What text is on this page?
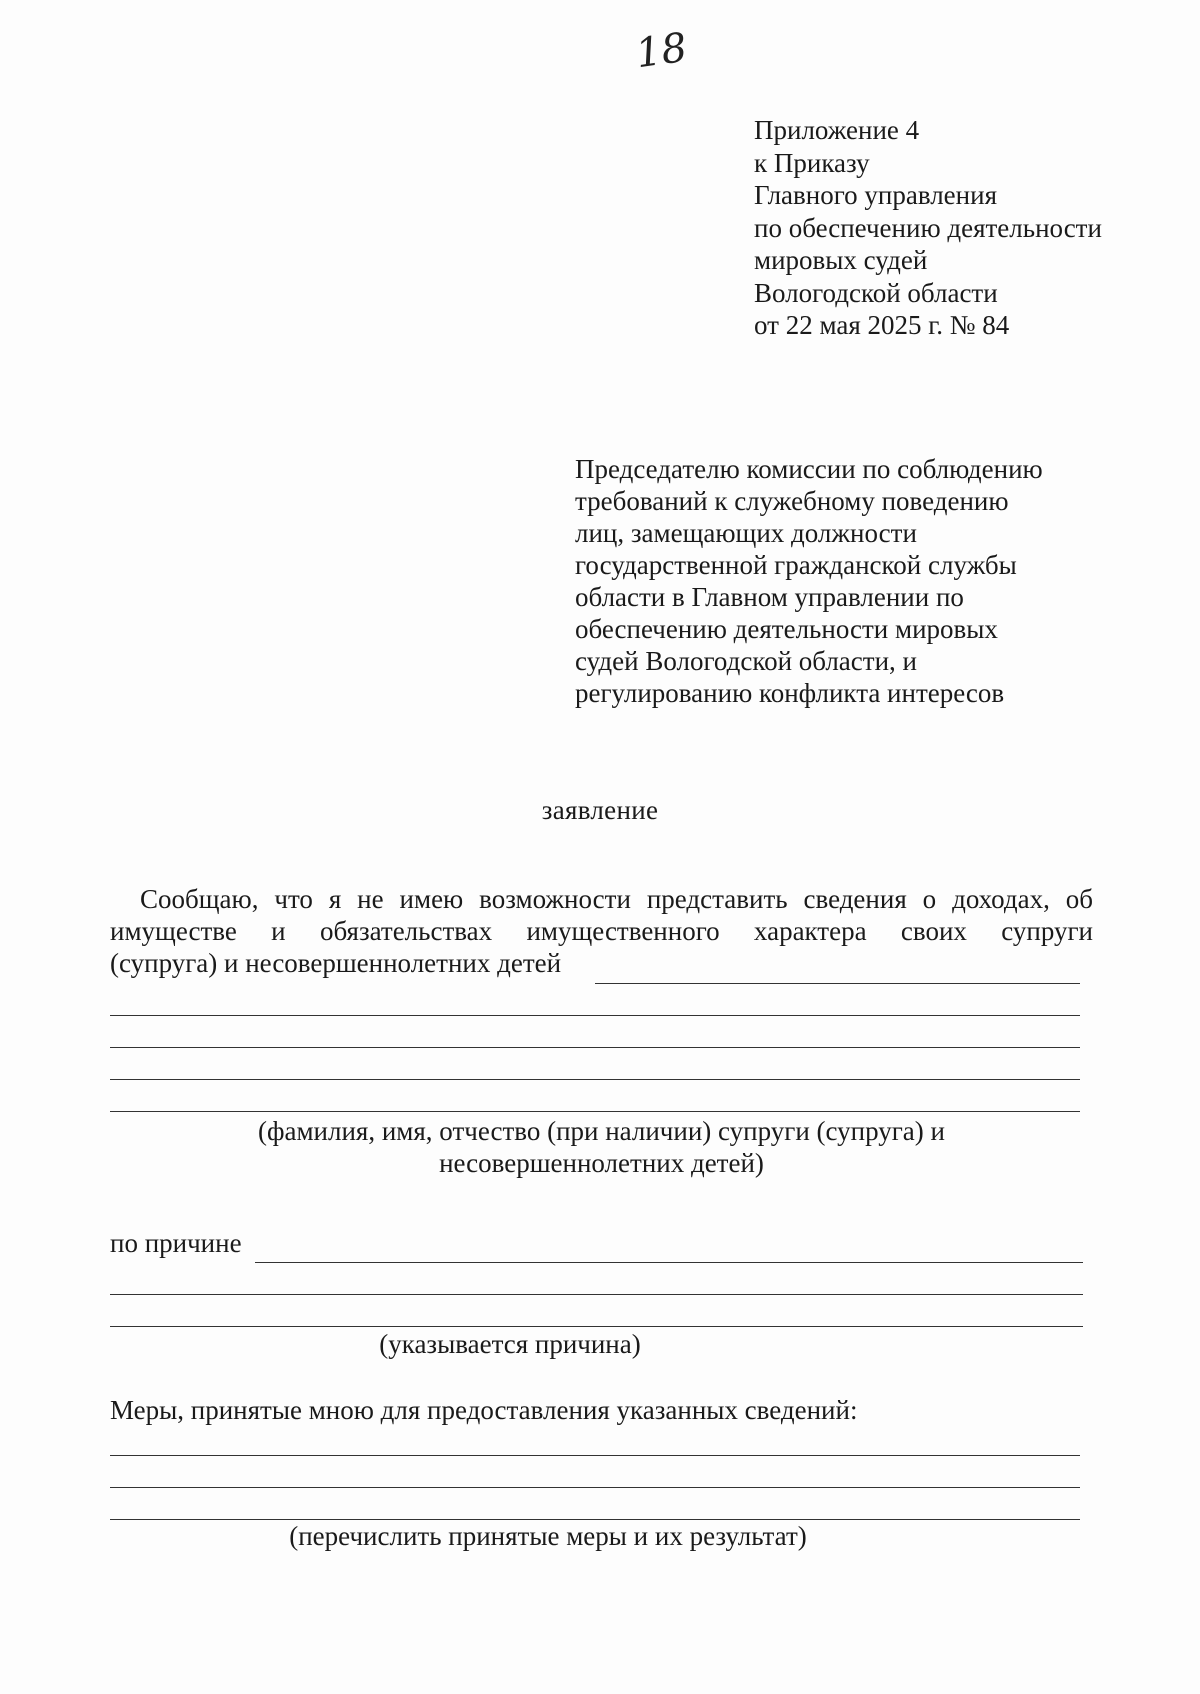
18
Приложение 4
к Приказу
Главного управления
по обеспечению деятельности
мировых судей
Вологодской области
от 22 мая 2025 г. № 84
Председателю комиссии по соблюдению
требований к служебному поведению
лиц, замещающих должности
государственной гражданской службы
области в Главном управлении по
обеспечению деятельности мировых
судей Вологодской области, и
регулированию конфликта интересов
заявление
Сообщаю, что я не имею возможности представить сведения о доходах, об
имуществе и обязательствах имущественного характера своих супруги
(супруга) и несовершеннолетних детей
(фамилия, имя, отчество (при наличии) супруги (супруга) и
несовершеннолетних детей)
по причине
(указывается причина)
Меры, принятые мною для предоставления указанных сведений:
(перечислить принятые меры и их результат)
